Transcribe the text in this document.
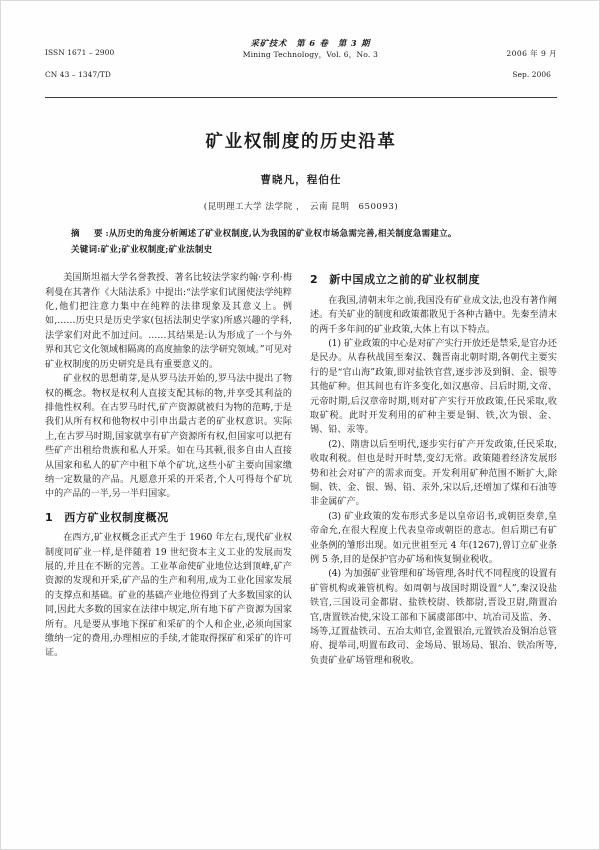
ISSN 1671 – 2900

CN 43 – 1347/TD

采矿技术　第 6 卷　第 3 期
Mining Technology，Vol. 6，No. 3	2006 年 9 月

Sep. 2006

矿业权制度的历史沿革
曹晓凡，程伯仕
(昆明理工大学 法学院 ，　云南 昆明　650093)
摘　要:从历史的角度分析阐述了矿业权制度,认为我国的矿业权市场急需完善,相关制度急需建立。
关键词:矿业;矿业权制度;矿业法制史

美国斯坦福大学名誉教授、著名比较法学家约翰·亨利·梅利曼在其著作《大陆法系》中提出:“法学家们试图使法学纯粹化,他们把注意力集中在纯粹的法律现象及其意义上。例如,……历史只是历史学家(包括法制史学家)所感兴趣的学科,法学家们对此不加过问。……其结果是:认为形成了一个与外界和其它文化领域相隔离的高度抽象的法学研究领域。”可见对矿业权制度的历史研究是具有重要意义的。

矿业权的思想萌芽,是从罗马法开始的,罗马法中提出了物权的概念。物权是权利人直接支配其标的物,并享受其利益的排他性权利。在古罗马时代,矿产资源就被归为物的范畴,于是我们从所有权和他物权中引申出最古老的矿业权意识。实际上,在古罗马时期,国家就享有矿产资源所有权,但国家可以把有些矿产出租给贵族和私人开采。如在马其顿,很多自由人直接从国家和私人的矿产中租下单个矿坑,这些小矿主要向国家缴纳一定数量的产品。凡愿意开采的开采者,个人可得每个矿坑中的产品的一半,另一半归国家。

1 西方矿业权制度概况

在西方,矿业权概念正式产生于 1960 年左右,现代矿业权制度同矿业一样,是伴随着 19 世纪资本主义工业的发展而发展的,并且在不断的完善。工业革命使矿业地位达到顶峰,矿产资源的发现和开采,矿产品的生产和利用,成为工业化国家发展的支撑点和基础。矿业的基础产业地位得到了大多数国家的认同,因此大多数的国家在法律中规定,所有地下矿产资源为国家所有。凡是要从事地下探矿和采矿的个人和企业,必须向国家缴纳一定的费用,办理相应的手续,才能取得探矿和采矿的许可证。

2 新中国成立之前的矿业权制度

在我国,清朝末年之前,我国没有矿业成文法,也没有著作阐述。有关矿业的制度和政策都散见于各种古籍中。先秦至清末的两千多年间的矿业政策,大体上有以下特点。

(1) 矿业政策的中心是对矿产实行开放还是禁采,是官办还是民办。从春秋战国至秦汉、魏晋南北朝时期,各朝代主要实行的是“官山海”政策,即对盐铁官营,逐步涉及到铜、金、银等其他矿种。但其间也有许多变化,如汉惠帝、吕后时期,文帝、元帝时期,后汉章帝时期,则对矿产实行开放政策,任民采取,收取矿税。此时开发利用的矿种主要是铜、铁,次为银、金、锡、铅、汞等。

(2)、隋唐以后至明代,逐步实行矿产开发政策,任民采取,收取利税。但也是时开时禁,变幻无常。政策随着经济发展形势和社会对矿产的需求而变。开发利用矿种范围不断扩大,除铜、铁、金、银、锡、铅、汞外,宋以后,还增加了煤和石油等非金属矿产。

(3) 矿业政策的发布形式多是以皇帝诏书,或朝臣奏章,皇帝命允,在很大程度上代表皇帝或朝臣的意志。但后期已有矿业条例的雏形出现。如元世祖至元 4 年(1267),曾订立矿业条例 5 条,目的是保护官办矿场和恢复铜业税收。

(4) 为加强矿业管理和矿场管理,各时代不同程度的设置有矿管机构或兼管机构。如周朝与战国时期设置“人”,秦汉设盐铁官,三国设司金都尉、盐铁校尉、铁都尉,晋设卫尉,隋置冶官,唐置铁冶使,宋设工部和下属虞部郎中、坑冶司及监、务、场等,辽置盐铁司、五冶太师官,金置银冶,元置铁冶及铜冶总管府、提举司,明置布政司、金场局、银场局、银冶、铁冶所等,负责矿业矿场管理和税收。
